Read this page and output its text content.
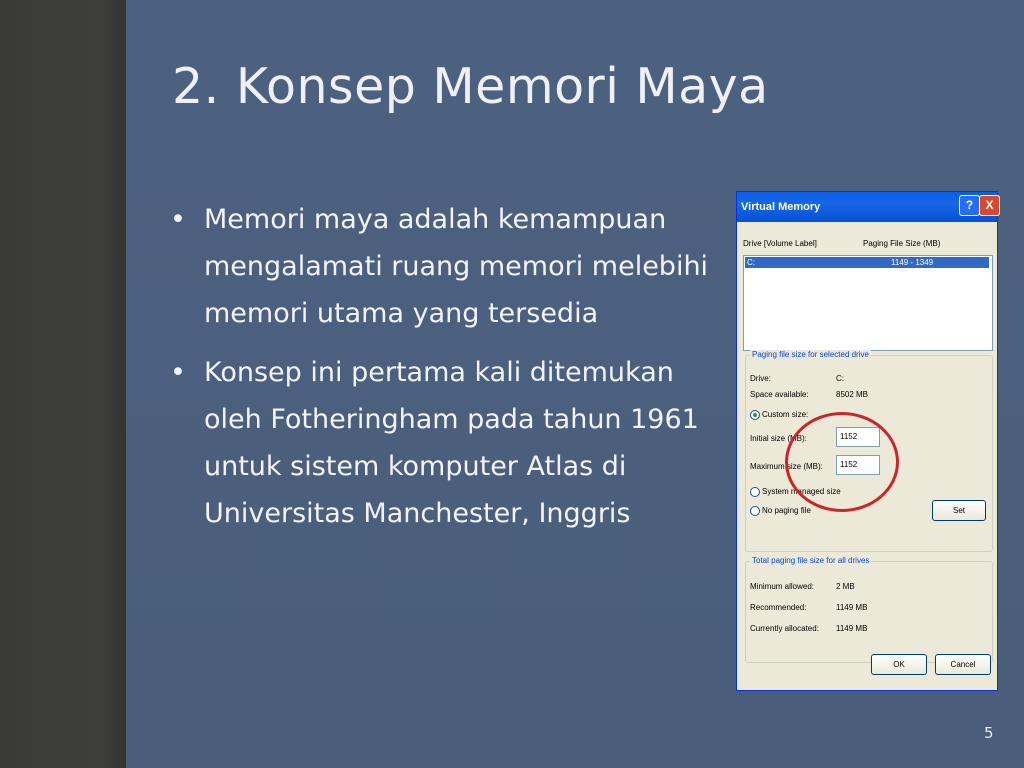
2. Konsep Memori Maya
• Memori maya adalah kemampuan mengalamati ruang memori melebihi memori utama yang tersedia
• Konsep ini pertama kali ditemukan oleh Fotheringham pada tahun 1961 untuk sistem komputer Atlas di Universitas Manchester, Inggris
Virtual Memory	?	X
Drive [Volume Label]	Paging File Size (MB)
C:	1149 - 1349
Paging file size for selected drive
Drive:	C:
Space available:	8502 MB
Custom size:
Initial size (MB):	1152
Maximum size (MB):	1152
System managed size
No paging file	Set
Total paging file size for all drives
Minimum allowed:	2 MB
Recommended:	1149 MB
Currently allocated: 1149 MB
OK	Cancel
5
